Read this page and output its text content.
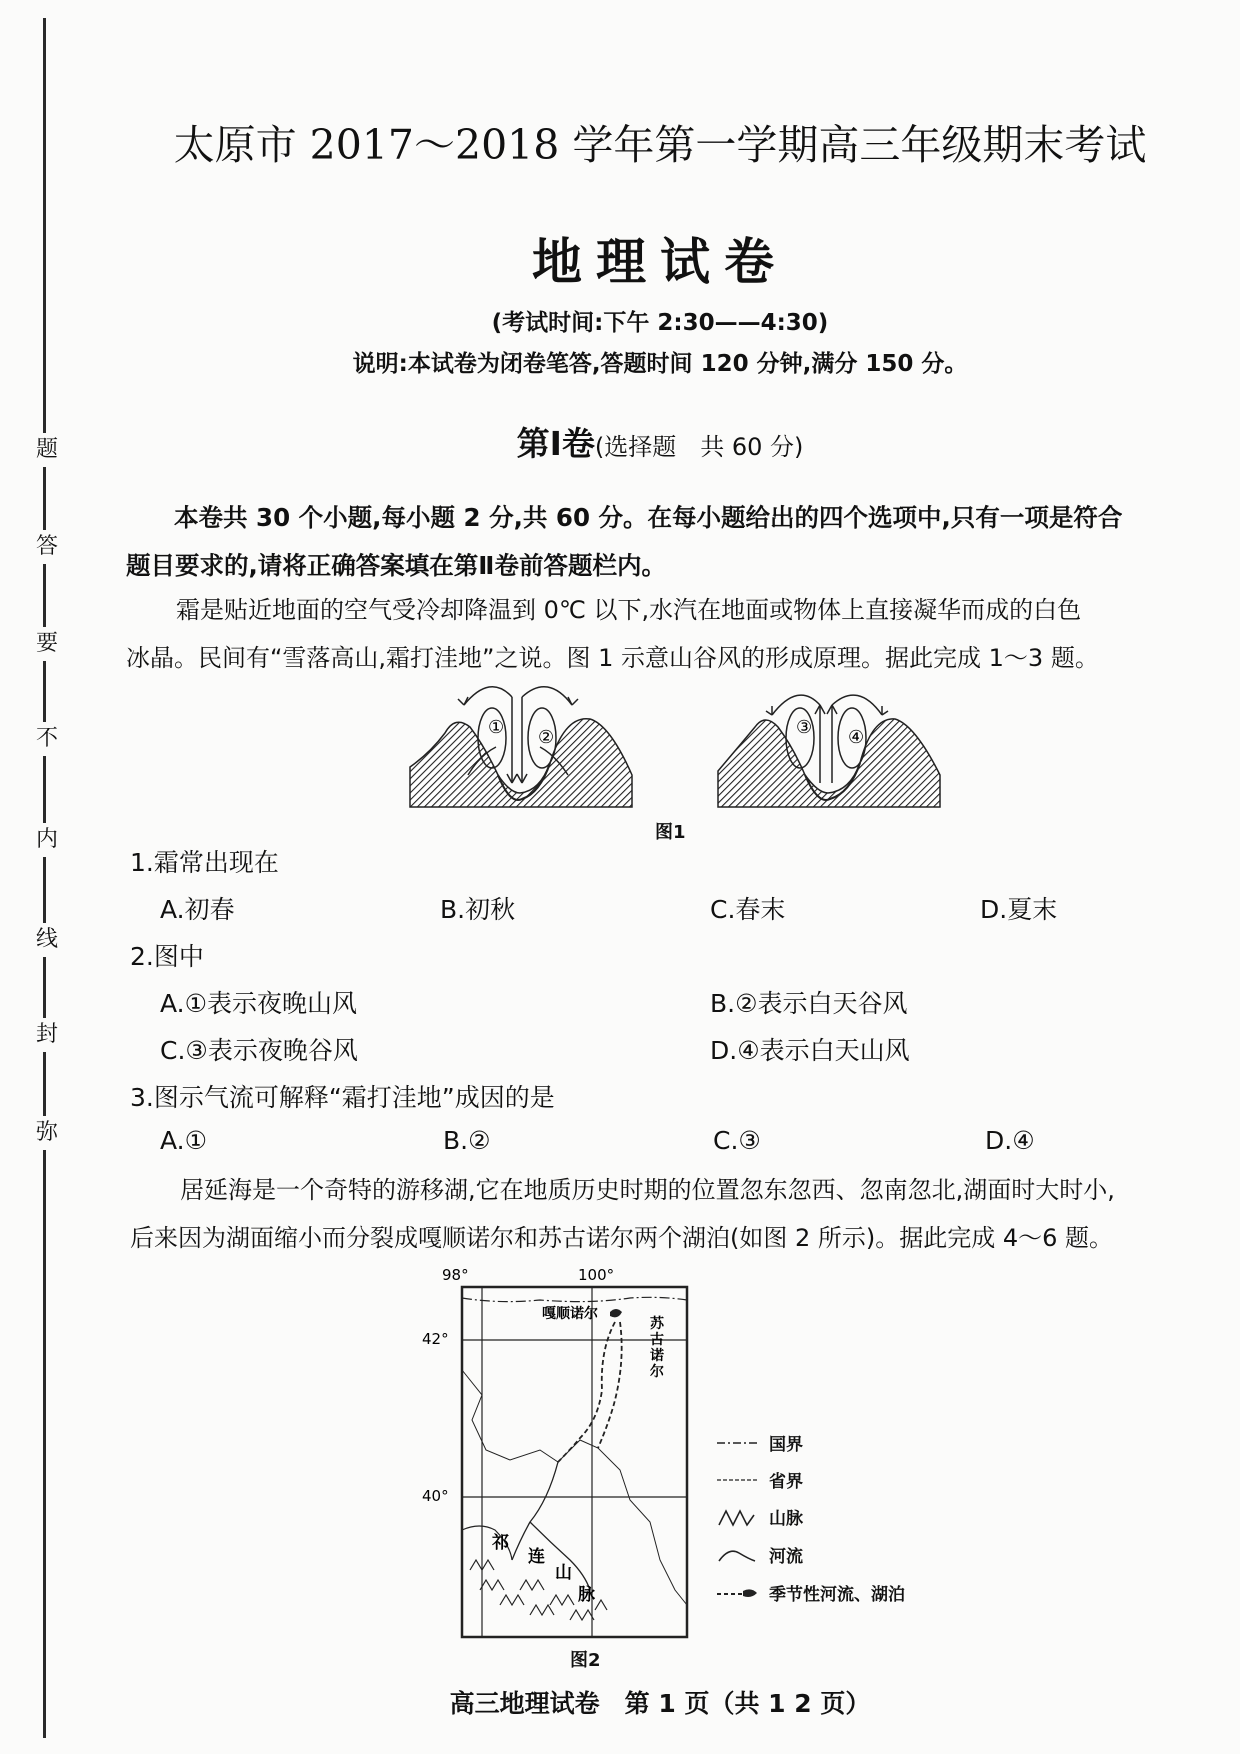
题
答
要
不
内
线
封
弥
太原市 2017～2018 学年第一学期高三年级期末考试
地理试卷
(考试时间:下午 2:30——4:30)
说明:本试卷为闭卷笔答,答题时间 120 分钟,满分 150 分。
第Ⅰ卷(选择题　共 60 分)
本卷共 30 个小题,每小题 2 分,共 60 分。在每小题给出的四个选项中,只有一项是符合
题目要求的,请将正确答案填在第Ⅱ卷前答题栏内。
霜是贴近地面的空气受冷却降温到 0℃ 以下,水汽在地面或物体上直接凝华而成的白色
冰晶。民间有“雪落高山,霜打洼地”之说。图 1 示意山谷风的形成原理。据此完成 1～3 题。
① ②	③ ④
图1
1.霜常出现在
A.初春	B.初秋	C.春末	D.夏末
2.图中
A.①表示夜晚山风	B.②表示白天谷风
C.③表示夜晚谷风	D.④表示白天山风
3.图示气流可解释“霜打洼地”成因的是
A.①	B.②	C.③	D.④
居延海是一个奇特的游移湖,它在地质历史时期的位置忽东忽西、忽南忽北,湖面时大时小,
后来因为湖面缩小而分裂成嘎顺诺尔和苏古诺尔两个湖泊(如图 2 所示)。据此完成 4～6 题。
98°	100°
42°
40°
嘎顺诺尔
苏
古
诺
尔
祁
连
山
脉
图2
国界
省界
山脉
河流
季节性河流、湖泊
高三地理试卷　第 1 页（共 1 2 页）
